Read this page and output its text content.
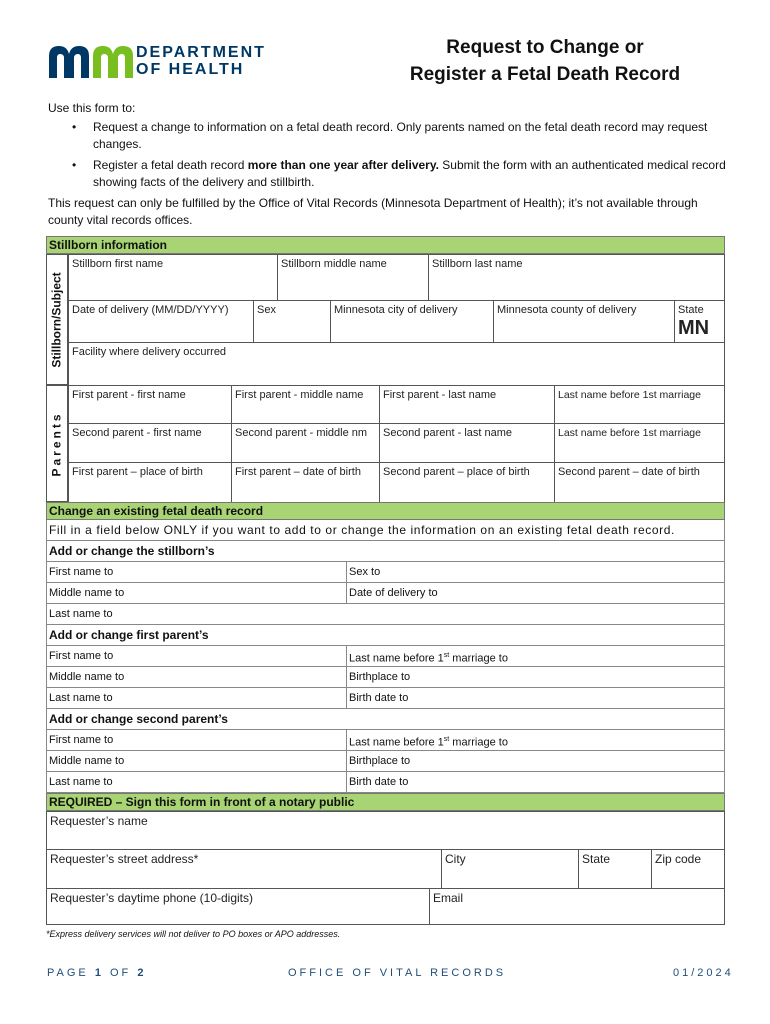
DEPARTMENT
OF HEALTH
Request to Change or
Register a Fetal Death Record
Use this form to:
• Request a change to information on a fetal death record. Only parents named on the fetal death record may request changes.
• Register a fetal death record more than one year after delivery. Submit the form with an authenticated medical record showing facts of the delivery and stillbirth.
This request can only be fulfilled by the Office of Vital Records (Minnesota Department of Health); it’s not available through county vital records offices.
Stillborn information
Stillborn/Subject
Parents
Stillborn first name	Stillborn middle name	Stillborn last name
Date of delivery (MM/DD/YYYY)	Sex	Minnesota city of delivery	Minnesota county of delivery	State
MN
Facility where delivery occurred
First parent - first name	First parent - middle name	First parent - last name	Last name before 1st marriage
Second parent - first name	Second parent - middle nm	Second parent - last name	Last name before 1st marriage
First parent – place of birth	First parent – date of birth	Second parent – place of birth	Second parent – date of birth
Change an existing fetal death record
Fill in a field below ONLY if you want to add to or change the information on an existing fetal death record.
Add or change the stillborn’s
First name to	Sex to
Middle name to	Date of delivery to
Last name to
Add or change first parent’s
First name to	Last name before 1st marriage to
Middle name to	Birthplace to
Last name to	Birth date to
Add or change second parent’s
First name to	Last name before 1st marriage to
Middle name to	Birthplace to
Last name to	Birth date to
REQUIRED – Sign this form in front of a notary public
Requester’s name
Requester’s street address*	City	State	Zip code
Requester’s daytime phone (10-digits)	Email
*Express delivery services will not deliver to PO boxes or APO addresses.
PAGE 1 OF 2	OFFICE OF VITAL RECORDS	01/2024
